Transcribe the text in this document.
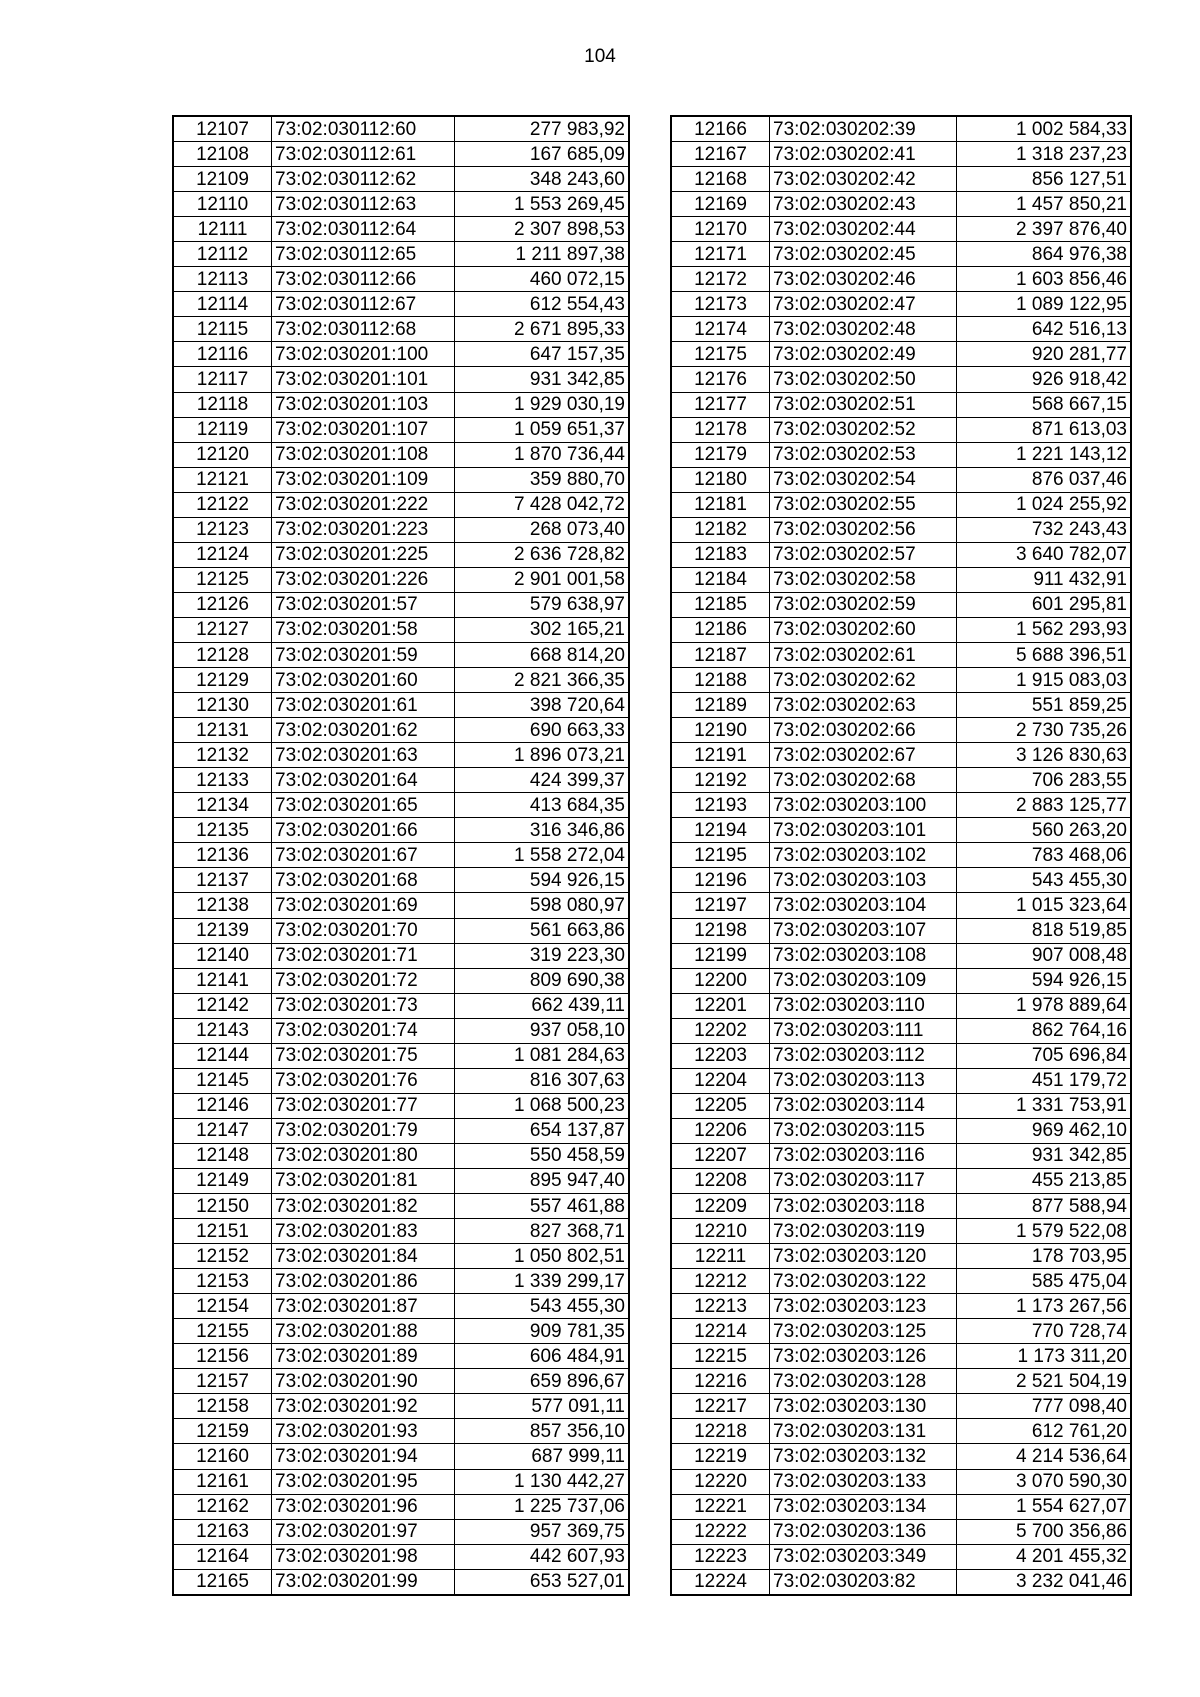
104
12107	73:02:030112:60	277 983,92
12108	73:02:030112:61	167 685,09
12109	73:02:030112:62	348 243,60
12110	73:02:030112:63	1 553 269,45
12111	73:02:030112:64	2 307 898,53
12112	73:02:030112:65	1 211 897,38
12113	73:02:030112:66	460 072,15
12114	73:02:030112:67	612 554,43
12115	73:02:030112:68	2 671 895,33
12116	73:02:030201:100	647 157,35
12117	73:02:030201:101	931 342,85
12118	73:02:030201:103	1 929 030,19
12119	73:02:030201:107	1 059 651,37
12120	73:02:030201:108	1 870 736,44
12121	73:02:030201:109	359 880,70
12122	73:02:030201:222	7 428 042,72
12123	73:02:030201:223	268 073,40
12124	73:02:030201:225	2 636 728,82
12125	73:02:030201:226	2 901 001,58
12126	73:02:030201:57	579 638,97
12127	73:02:030201:58	302 165,21
12128	73:02:030201:59	668 814,20
12129	73:02:030201:60	2 821 366,35
12130	73:02:030201:61	398 720,64
12131	73:02:030201:62	690 663,33
12132	73:02:030201:63	1 896 073,21
12133	73:02:030201:64	424 399,37
12134	73:02:030201:65	413 684,35
12135	73:02:030201:66	316 346,86
12136	73:02:030201:67	1 558 272,04
12137	73:02:030201:68	594 926,15
12138	73:02:030201:69	598 080,97
12139	73:02:030201:70	561 663,86
12140	73:02:030201:71	319 223,30
12141	73:02:030201:72	809 690,38
12142	73:02:030201:73	662 439,11
12143	73:02:030201:74	937 058,10
12144	73:02:030201:75	1 081 284,63
12145	73:02:030201:76	816 307,63
12146	73:02:030201:77	1 068 500,23
12147	73:02:030201:79	654 137,87
12148	73:02:030201:80	550 458,59
12149	73:02:030201:81	895 947,40
12150	73:02:030201:82	557 461,88
12151	73:02:030201:83	827 368,71
12152	73:02:030201:84	1 050 802,51
12153	73:02:030201:86	1 339 299,17
12154	73:02:030201:87	543 455,30
12155	73:02:030201:88	909 781,35
12156	73:02:030201:89	606 484,91
12157	73:02:030201:90	659 896,67
12158	73:02:030201:92	577 091,11
12159	73:02:030201:93	857 356,10
12160	73:02:030201:94	687 999,11
12161	73:02:030201:95	1 130 442,27
12162	73:02:030201:96	1 225 737,06
12163	73:02:030201:97	957 369,75
12164	73:02:030201:98	442 607,93
12165	73:02:030201:99	653 527,01
12166	73:02:030202:39	1 002 584,33
12167	73:02:030202:41	1 318 237,23
12168	73:02:030202:42	856 127,51
12169	73:02:030202:43	1 457 850,21
12170	73:02:030202:44	2 397 876,40
12171	73:02:030202:45	864 976,38
12172	73:02:030202:46	1 603 856,46
12173	73:02:030202:47	1 089 122,95
12174	73:02:030202:48	642 516,13
12175	73:02:030202:49	920 281,77
12176	73:02:030202:50	926 918,42
12177	73:02:030202:51	568 667,15
12178	73:02:030202:52	871 613,03
12179	73:02:030202:53	1 221 143,12
12180	73:02:030202:54	876 037,46
12181	73:02:030202:55	1 024 255,92
12182	73:02:030202:56	732 243,43
12183	73:02:030202:57	3 640 782,07
12184	73:02:030202:58	911 432,91
12185	73:02:030202:59	601 295,81
12186	73:02:030202:60	1 562 293,93
12187	73:02:030202:61	5 688 396,51
12188	73:02:030202:62	1 915 083,03
12189	73:02:030202:63	551 859,25
12190	73:02:030202:66	2 730 735,26
12191	73:02:030202:67	3 126 830,63
12192	73:02:030202:68	706 283,55
12193	73:02:030203:100	2 883 125,77
12194	73:02:030203:101	560 263,20
12195	73:02:030203:102	783 468,06
12196	73:02:030203:103	543 455,30
12197	73:02:030203:104	1 015 323,64
12198	73:02:030203:107	818 519,85
12199	73:02:030203:108	907 008,48
12200	73:02:030203:109	594 926,15
12201	73:02:030203:110	1 978 889,64
12202	73:02:030203:111	862 764,16
12203	73:02:030203:112	705 696,84
12204	73:02:030203:113	451 179,72
12205	73:02:030203:114	1 331 753,91
12206	73:02:030203:115	969 462,10
12207	73:02:030203:116	931 342,85
12208	73:02:030203:117	455 213,85
12209	73:02:030203:118	877 588,94
12210	73:02:030203:119	1 579 522,08
12211	73:02:030203:120	178 703,95
12212	73:02:030203:122	585 475,04
12213	73:02:030203:123	1 173 267,56
12214	73:02:030203:125	770 728,74
12215	73:02:030203:126	1 173 311,20
12216	73:02:030203:128	2 521 504,19
12217	73:02:030203:130	777 098,40
12218	73:02:030203:131	612 761,20
12219	73:02:030203:132	4 214 536,64
12220	73:02:030203:133	3 070 590,30
12221	73:02:030203:134	1 554 627,07
12222	73:02:030203:136	5 700 356,86
12223	73:02:030203:349	4 201 455,32
12224	73:02:030203:82	3 232 041,46
